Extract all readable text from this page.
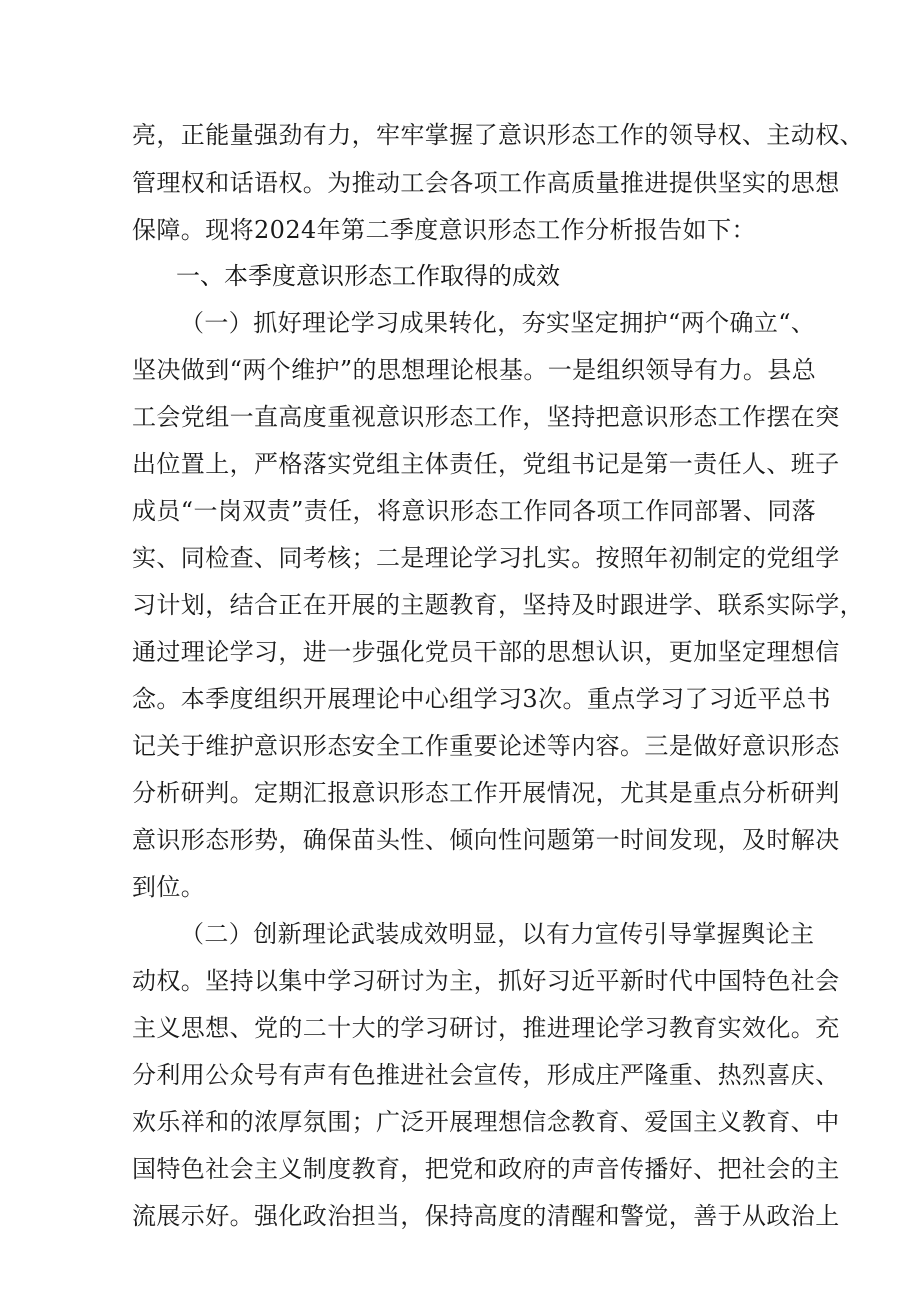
亮，正能量强劲有力，牢牢掌握了意识形态工作的领导权、主动权、
管理权和话语权。为推动工会各项工作高质量推进提供坚实的思想
保障。现将2024年第二季度意识形态工作分析报告如下：
一、本季度意识形态工作取得的成效
（一）抓好理论学习成果转化，夯实坚定拥护“两个确立“、
坚决做到“两个维护”的思想理论根基。一是组织领导有力。县总
工会党组一直高度重视意识形态工作，坚持把意识形态工作摆在突
出位置上，严格落实党组主体责任，党组书记是第一责任人、班子
成员“一岗双责”责任，将意识形态工作同各项工作同部署、同落
实、同检查、同考核；二是理论学习扎实。按照年初制定的党组学
习计划，结合正在开展的主题教育，坚持及时跟进学、联系实际学，
通过理论学习，进一步强化党员干部的思想认识，更加坚定理想信
念。本季度组织开展理论中心组学习3次。重点学习了习近平总书
记关于维护意识形态安全工作重要论述等内容。三是做好意识形态
分析研判。定期汇报意识形态工作开展情况，尤其是重点分析研判
意识形态形势，确保苗头性、倾向性问题第一时间发现，及时解决
到位。
（二）创新理论武装成效明显，以有力宣传引导掌握舆论主
动权。坚持以集中学习研讨为主，抓好习近平新时代中国特色社会
主义思想、党的二十大的学习研讨，推进理论学习教育实效化。充
分利用公众号有声有色推进社会宣传，形成庄严隆重、热烈喜庆、
欢乐祥和的浓厚氛围；广泛开展理想信念教育、爱国主义教育、中
国特色社会主义制度教育，把党和政府的声音传播好、把社会的主
流展示好。强化政治担当，保持高度的清醒和警觉，善于从政治上
